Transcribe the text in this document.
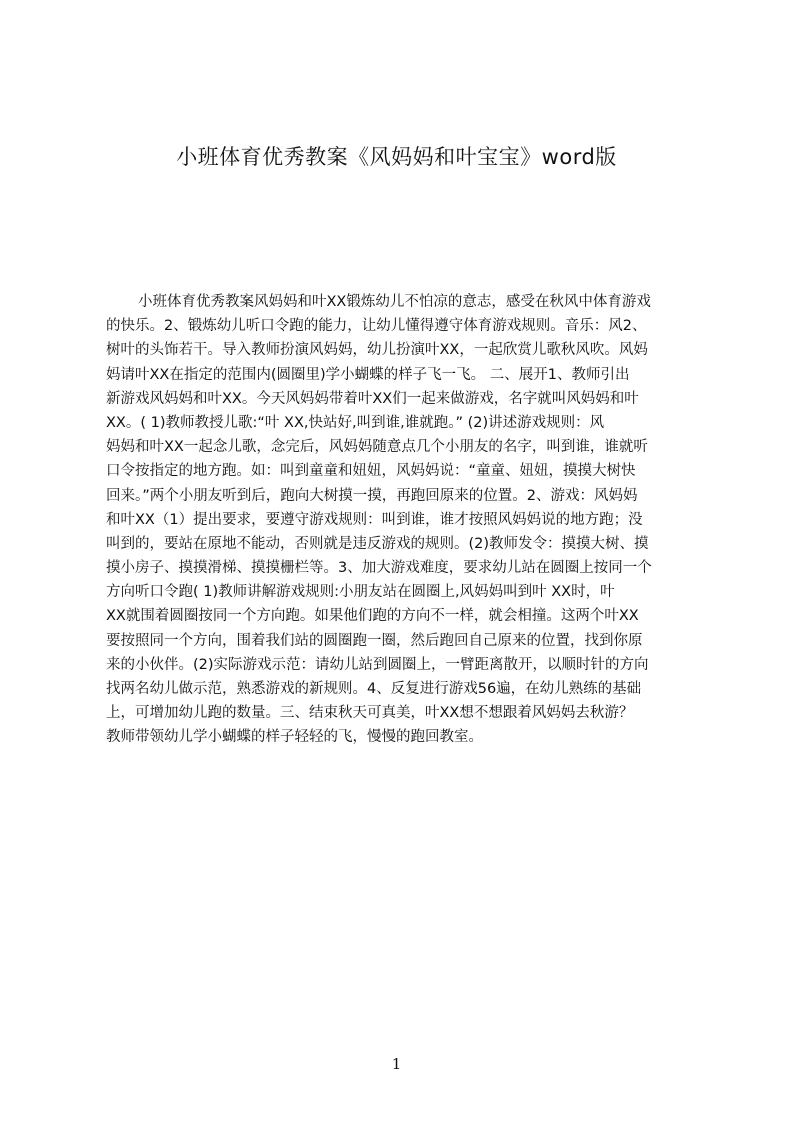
小班体育优秀教案《风妈妈和叶宝宝》word版
小班体育优秀教案风妈妈和叶XX锻炼幼儿不怕凉的意志，感受在秋风中体育游戏
的快乐。2、锻炼幼儿听口令跑的能力，让幼儿懂得遵守体育游戏规则。音乐：风2、
树叶的头饰若干。导入教师扮演风妈妈，幼儿扮演叶XX，一起欣赏儿歌秋风吹。风妈
妈请叶XX在指定的范围内(圆圈里)学小蝴蝶的样子飞一飞。 二、展开1、教师引出
新游戏风妈妈和叶XX。今天风妈妈带着叶XX们一起来做游戏，名字就叫风妈妈和叶
XX。( 1)教师教授儿歌:“叶 XX,快站好,叫到谁,谁就跑。” (2)讲述游戏规则：风
妈妈和叶XX一起念儿歌，念完后，风妈妈随意点几个小朋友的名字，叫到谁，谁就听
口令按指定的地方跑。如：叫到童童和妞妞，风妈妈说：“童童、妞妞，摸摸大树快
回来。”两个小朋友听到后，跑向大树摸一摸，再跑回原来的位置。2、游戏：风妈妈
和叶XX（1）提出要求，要遵守游戏规则：叫到谁，谁才按照风妈妈说的地方跑；没
叫到的，要站在原地不能动，否则就是违反游戏的规则。(2)教师发令：摸摸大树、摸
摸小房子、摸摸滑梯、摸摸栅栏等。3、加大游戏难度，要求幼儿站在圆圈上按同一个
方向听口令跑( 1)教师讲解游戏规则:小朋友站在圆圈上,风妈妈叫到叶 XX时，叶
XX就围着圆圈按同一个方向跑。如果他们跑的方向不一样，就会相撞。这两个叶XX
要按照同一个方向，围着我们站的圆圈跑一圈，然后跑回自己原来的位置，找到你原
来的小伙伴。(2)实际游戏示范：请幼儿站到圆圈上，一臂距离散开，以顺时针的方向
找两名幼儿做示范，熟悉游戏的新规则。4、反复进行游戏56遍，在幼儿熟练的基础
上，可增加幼儿跑的数量。三、结束秋天可真美，叶XX想不想跟着风妈妈去秋游？
教师带领幼儿学小蝴蝶的样子轻轻的飞，慢慢的跑回教室。
1
